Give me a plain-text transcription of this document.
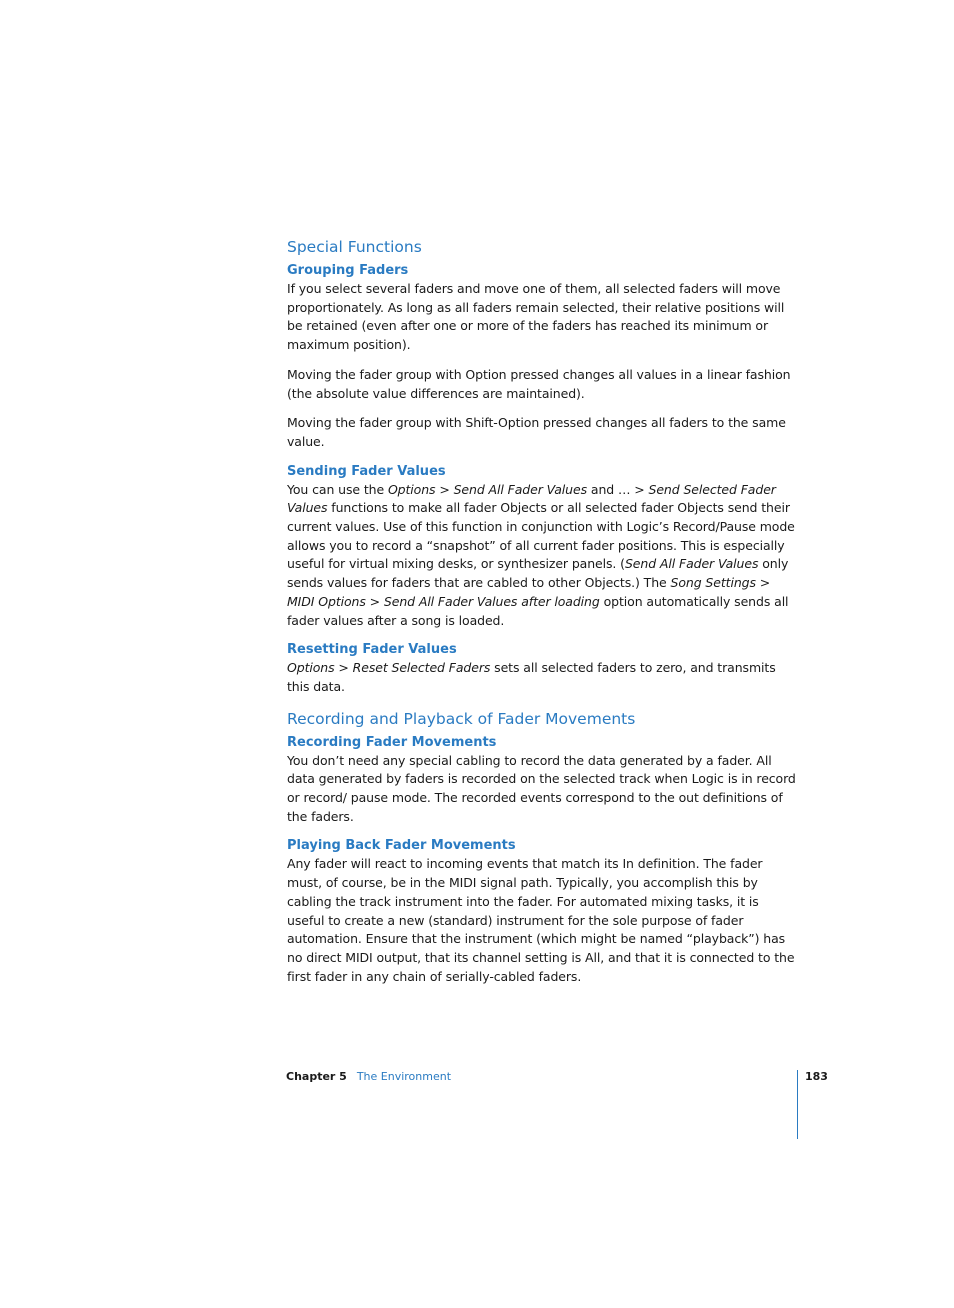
Special Functions
Grouping Faders

If you select several faders and move one of them, all selected faders will move proportionately. As long as all faders remain selected, their relative positions will be retained (even after one or more of the faders has reached its minimum or maximum position).

Moving the fader group with Option pressed changes all values in a linear fashion (the absolute value differences are maintained).

Moving the fader group with Shift-Option pressed changes all faders to the same value.

Sending Fader Values

You can use the Options > Send All Fader Values and … > Send Selected Fader Values functions to make all fader Objects or all selected fader Objects send their current values. Use of this function in conjunction with Logic’s Record/Pause mode allows you to record a “snapshot” of all current fader positions. This is especially useful for virtual mixing desks, or synthesizer panels. (Send All Fader Values only sends values for faders that are cabled to other Objects.) The Song Settings > MIDI Options > Send All Fader Values after loading option automatically sends all fader values after a song is loaded.

Resetting Fader Values

Options > Reset Selected Faders sets all selected faders to zero, and transmits this data.

Recording and Playback of Fader Movements
Recording Fader Movements

You don’t need any special cabling to record the data generated by a fader. All data generated by faders is recorded on the selected track when Logic is in record or record/ pause mode. The recorded events correspond to the out definitions of the faders.

Playing Back Fader Movements

Any fader will react to incoming events that match its In definition. The fader must, of course, be in the MIDI signal path. Typically, you accomplish this by cabling the track instrument into the fader. For automated mixing tasks, it is useful to create a new (standard) instrument for the sole purpose of fader automation. Ensure that the instrument (which might be named “playback”) has no direct MIDI output, that its channel setting is All, and that it is connected to the first fader in any chain of serially-cabled faders.

Chapter 5 The Environment	183
